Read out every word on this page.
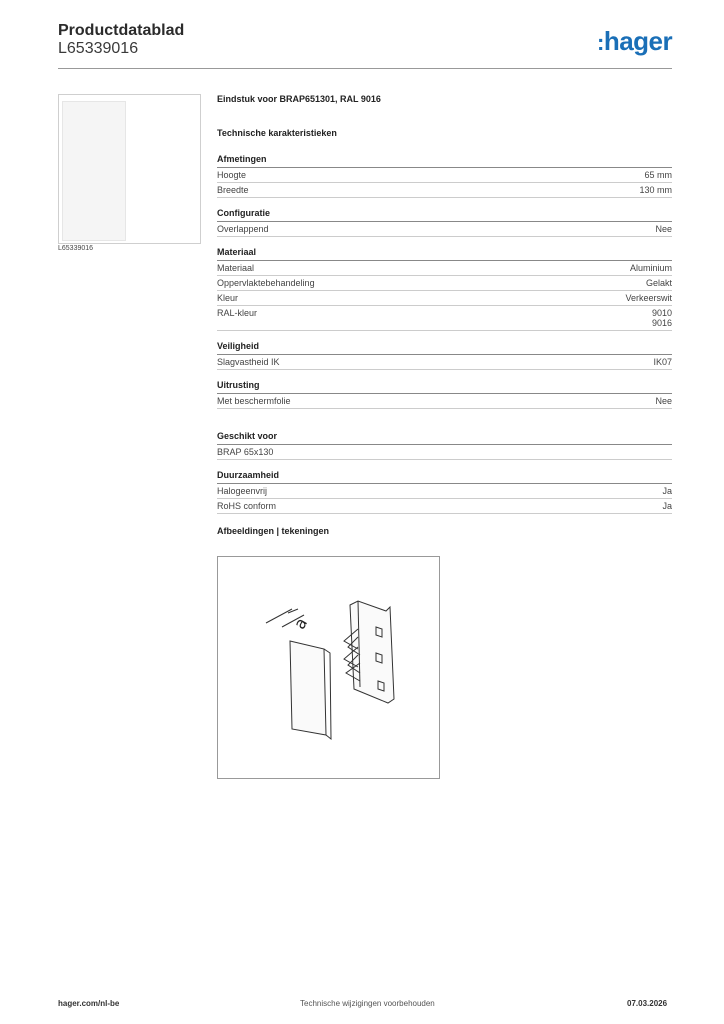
Productdatablad
L65339016	:hager
L65339016
Eindstuk voor BRAP651301, RAL 9016
Technische karakteristieken
Afmetingen
Hoogte	65 mm
Breedte	130 mm
Configuratie
Overlappend	Nee
Materiaal
Materiaal	Aluminium
Oppervlaktebehandeling	Gelakt
Kleur	Verkeerswit
RAL-kleur	9010
9016
Veiligheid
Slagvastheid IK	IK07
Uitrusting
Met beschermfolie	Nee
Geschikt voor
BRAP 65x130
Duurzaamheid
Halogeenvrij	Ja
RoHS conform	Ja
Afbeeldingen | tekeningen
a
hager.com/nl-be	Technische wijzigingen voorbehouden	07.03.2026
